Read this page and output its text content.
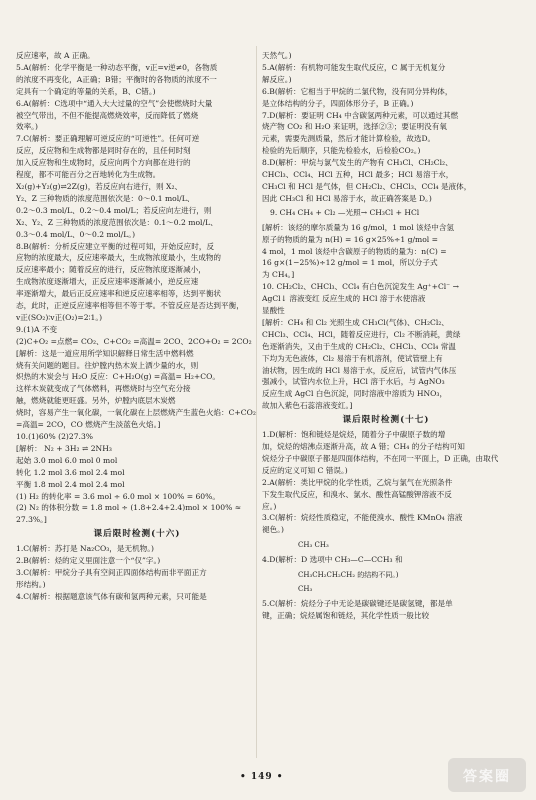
反应速率，故 A 正确。
5.A(解析：化学平衡是一种动态平衡，v正=v逆≠0，各物质
的浓度不再变化，A正确；B错；平衡时的各物质的浓度不一
定具有一个确定的等量的关系，B、C错。)
6.A(解析：C选项中“通入大大过量的空气”会使燃烧时大量
被空气带出，不但不能提高燃烧效率，反而降低了燃烧
效率。)
7.C(解析：要正确理解可逆反应的“可逆性”。任何可逆
反应，反应物和生成物都是同时存在的，且任何时刻
加入反应物和生成物时，反应向两个方向都在进行的
程度，都不可能百分之百地转化为生成物。
X₂(g)+Y₂(g)⇌2Z(g)，若反应向右进行，则 X₂、
Y₂、Z 三种物质的浓度范围依次是：0～0.1 mol/L、
0.2～0.3 mol/L、0.2～0.4 mol/L；若反应向左进行，则
X₂、Y₂、Z 三种物质的浓度范围依次是：0.1～0.2 mol/L、
0.3～0.4 mol/L、0～0.2 mol/L。)
8.B(解析：分析反应建立平衡的过程可知，开始反应时，反
应物的浓度最大，反应速率最大，生成物浓度最小，生成物的
反应速率最小；随着反应的进行，反应物浓度逐渐减小，
生成物浓度逐渐增大，正反应速率逐渐减小，逆反应速
率逐渐增大，最后正反应速率和逆反应速率相等，达到平衡状
态，此时，正逆反应速率相等但不等于零。不管反应是否达到平衡，
v正(SO₂)∶v正(O₂)=2∶1。)
9.(1)A 不变
(2)C+O₂ =点燃= CO₂、C+CO₂ =高温= 2CO、2CO+O₂ = 2CO₂
[解析：这是一道应用所学知识解释日常生活中燃料燃
烧有关问题的题目。往炉膛内热木炭上洒少量的水，则
炽热的木炭会与 H₂O 反应：C+H₂O(g) =高温= H₂+CO。
这样木炭就变成了气体燃料，再燃烧时与空气充分接
触，燃烧就能更旺盛。另外，炉膛内底层木炭燃
烧时，容易产生一氧化碳，一氧化碳在上层燃烧产生蓝色火焰：C+CO₂
=高温= 2CO，CO 燃烧产生淡蓝色火焰。]
10.(1)60% (2)27.3%
[解析： N₂ + 3H₂ ⇌ 2NH₃
起始 3.0 mol 6.0 mol 0 mol
转化 1.2 mol 3.6 mol 2.4 mol
平衡 1.8 mol 2.4 mol 2.4 mol
(1) H₂ 的转化率 = 3.6 mol ÷ 6.0 mol × 100% = 60%。
(2) N₂ 的体积分数 = 1.8 mol ÷ (1.8+2.4+2.4)mol × 100% ≈
27.3%。]
课后限时检测(十六)
1.C(解析：苏打是 Na₂CO₃，是无机物。)
2.B(解析：烃的定义里面注意一个“仅”字。)
3.C(解析：甲烷分子具有空间正四面体结构而非平面正方
形结构。)
4.C(解析：根据题意该气体有碳和氢两种元素，只可能是
天然气。)
5.A(解析：有机物可能发生取代反应，C 属于无机复分
解反应。)
6.B(解析：它相当于甲烷的二氯代物，没有同分异构体，
是立体结构的分子，四面体形分子，B 正确。)
7.D(解析：要证明 CH₄ 中含碳氢两种元素，可以通过其燃
烧产物 CO₂ 和 H₂O 来证明，选择②③；要证明没有氧
元素，需要先测质量，然后才能计算检验，故选D。
检验的先后顺序，只能先检验水，后检验CO₂。)
8.D(解析：甲烷与氯气发生的产物有 CH₃Cl、CH₂Cl₂、
CHCl₃、CCl₄、HCl 五种，HCl 最多；HCl 易溶于水，
CH₃Cl 和 HCl 是气体，但 CH₂Cl₂、CHCl₃、CCl₄ 是液体，
因此 CH₃Cl 和 HCl 易溶于水，故正确答案是 D。)
9. CH₄ CH₄ + Cl₂ —光照→ CH₃Cl + HCl
[解析：该烃的摩尔质量为 16 g/mol，1 mol 该烃中含氢
原子的物质的量为 n(H) = 16 g×25%÷1 g/mol =
4 mol，1 mol 该烃中含碳原子的物质的量为：n(C) =
16 g×(1−25%)÷12 g/mol = 1 mol，所以分子式
为 CH₄。]
10. CH₂Cl₂、CHCl₃、CCl₄ 有白色沉淀发生 Ag⁺+Cl⁻ →
AgCl↓ 溶液变红 反应生成的 HCl 溶于水使溶液
显酸性
[解析：CH₄ 和 Cl₂ 光照生成 CH₃Cl(气体)、CH₂Cl₂、
CHCl₃、CCl₄、HCl，随着反应进行，Cl₂ 不断消耗，黄绿
色逐渐消失，又由于生成的 CH₂Cl₂、CHCl₃、CCl₄ 常温
下均为无色液体，Cl₂ 易溶于有机溶剂，使试管壁上有
油状物，因生成的 HCl 易溶于水，反应后，试管内气体压
强减小，试管内水位上升，HCl 溶于水后，与 AgNO₃
反应生成 AgCl 白色沉淀，同时溶液中溶质为 HNO₃，
故加入紫色石蕊溶液变红。]
课后限时检测(十七)
1.D(解析：饱和链烃是烷烃，随着分子中碳原子数的增
加，烷烃的熔沸点逐渐升高，故 A 错；CH₄ 的分子结构可知
烷烃分子中碳原子都是四面体结构，不在同一平面上，D 正确，由取代
反应的定义可知 C 错误。)
2.A(解析：类比甲烷的化学性质，乙烷与氯气在光照条件
下发生取代反应，和溴水、氯水、酸性高锰酸钾溶液不反
应。)
3.C(解析：烷烃性质稳定，不能使溴水、酸性 KMnO₄ 溶液
褪色。)
CH₃ CH₃
4.D(解析：D 选项中 CH₃—C—CCH₃ 和
CH₃CH₂CH₂CH₂ 的结构不同。)
CH₃
5.C(解析：烷烃分子中无论是碳碳键还是碳氢键，都是单
键，正确；烷烃属饱和链烃，其化学性质一般比较
• 149 •	答案圈
